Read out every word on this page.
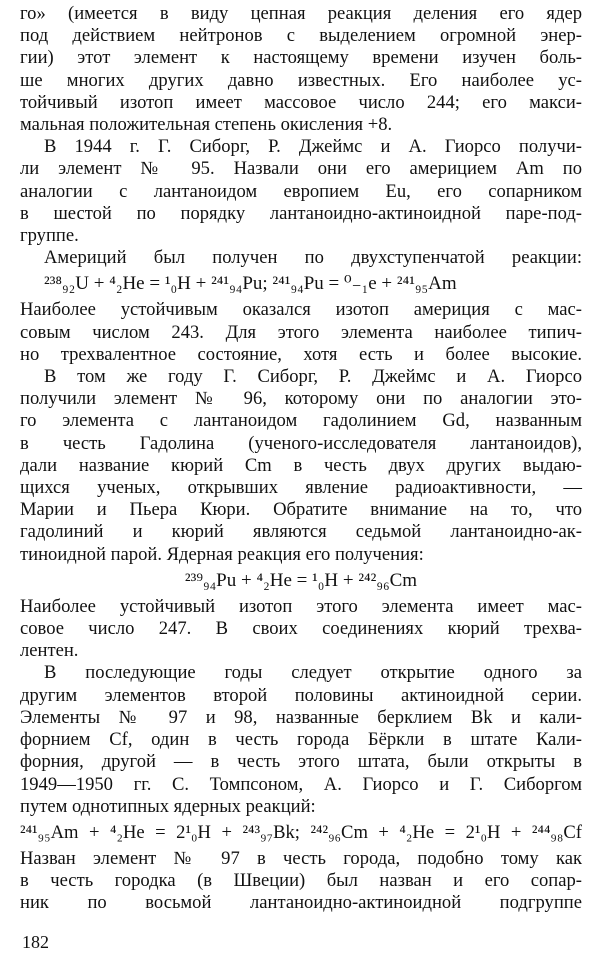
го» (имеется в виду цепная реакция деления его ядер
под действием нейтронов с выделением огромной энер-
гии) этот элемент к настоящему времени изучен боль-
ше многих других давно известных. Его наиболее ус-
тойчивый изотоп имеет массовое число 244; его макси-
мальная положительная степень окисления +8.
В 1944 г. Г. Сиборг, Р. Джеймс и А. Гиорсо получи-
ли элемент № 95. Назвали они его америцием Am по
аналогии с лантаноидом европием Eu, его сопарником
в шестой по порядку лантаноидно-актиноидной паре-под-
группе.
Америций был получен по двухступенчатой реакции:
²³⁸₉₂U + ⁴₂He = ¹₀H + ²⁴¹₉₄Pu; ²⁴¹₉₄Pu = ⁰₋₁e + ²⁴¹₉₅Am
Наиболее устойчивым оказался изотоп америция с мас-
совым числом 243. Для этого элемента наиболее типич-
но трехвалентное состояние, хотя есть и более высокие.
В том же году Г. Сиборг, Р. Джеймс и А. Гиорсо
получили элемент № 96, которому они по аналогии это-
го элемента с лантаноидом гадолинием Gd, названным
в честь Гадолина (ученого-исследователя лантаноидов),
дали название кюрий Cm в честь двух других выдаю-
щихся ученых, открывших явление радиоактивности, —
Марии и Пьера Кюри. Обратите внимание на то, что
гадолиний и кюрий являются седьмой лантаноидно-ак-
тиноидной парой. Ядерная реакция его получения:
²³⁹₉₄Pu + ⁴₂He = ¹₀H + ²⁴²₉₆Cm
Наиболее устойчивый изотоп этого элемента имеет мас-
совое число 247. В своих соединениях кюрий трехва-
лентен.
В последующие годы следует открытие одного за
другим элементов второй половины актиноидной серии.
Элементы № 97 и 98, названные берклием Bk и кали-
форнием Cf, один в честь города Бёркли в штате Кали-
форния, другой — в честь этого штата, были открыты в
1949—1950 гг. С. Томпсоном, А. Гиорсо и Г. Сиборгом
путем однотипных ядерных реакций:
²⁴¹₉₅Am + ⁴₂He = 2¹₀H + ²⁴³₉₇Bk; ²⁴²₉₆Cm + ⁴₂He = 2¹₀H + ²⁴⁴₉₈Cf
Назван элемент № 97 в честь города, подобно тому как
в честь городка (в Швеции) был назван и его сопар-
ник по восьмой лантаноидно-актиноидной подгруппе
182
